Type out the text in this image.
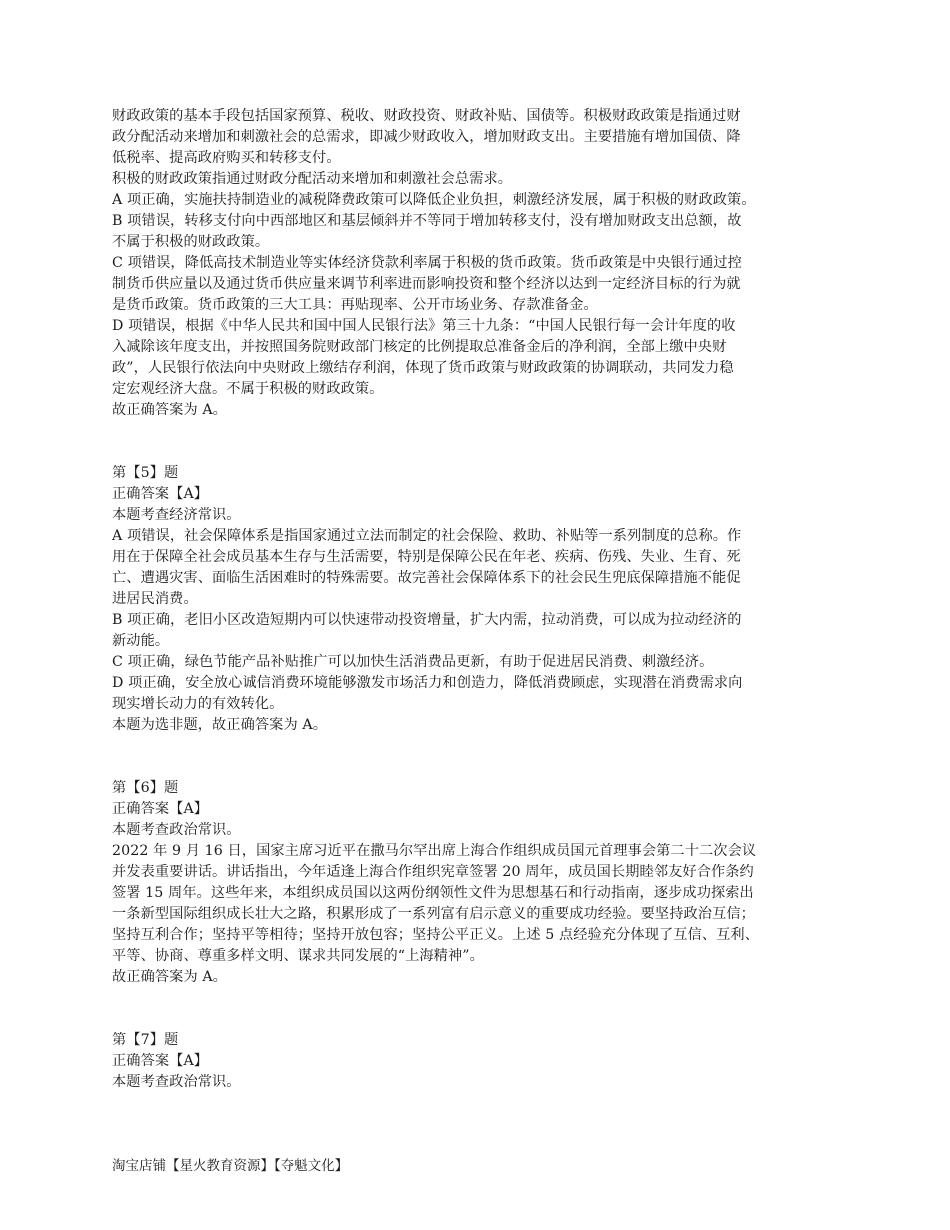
财政政策的基本手段包括国家预算、税收、财政投资、财政补贴、国债等。积极财政政策是指通过财

政分配活动来增加和刺激社会的总需求，即减少财政收入，增加财政支出。主要措施有增加国债、降

低税率、提高政府购买和转移支付。

积极的财政政策指通过财政分配活动来增加和刺激社会总需求。

A 项正确，实施扶持制造业的减税降费政策可以降低企业负担，刺激经济发展，属于积极的财政政策。

B 项错误，转移支付向中西部地区和基层倾斜并不等同于增加转移支付，没有增加财政支出总额，故

不属于积极的财政政策。

C 项错误，降低高技术制造业等实体经济贷款利率属于积极的货币政策。货币政策是中央银行通过控

制货币供应量以及通过货币供应量来调节利率进而影响投资和整个经济以达到一定经济目标的行为就

是货币政策。货币政策的三大工具：再贴现率、公开市场业务、存款准备金。

D 项错误，根据《中华人民共和国中国人民银行法》第三十九条：“中国人民银行每一会计年度的收

入减除该年度支出，并按照国务院财政部门核定的比例提取总准备金后的净利润，全部上缴中央财

政”，人民银行依法向中央财政上缴结存利润，体现了货币政策与财政政策的协调联动，共同发力稳

定宏观经济大盘。不属于积极的财政政策。

故正确答案为 A。

第【5】题

正确答案【A】

本题考查经济常识。

A 项错误，社会保障体系是指国家通过立法而制定的社会保险、救助、补贴等一系列制度的总称。作

用在于保障全社会成员基本生存与生活需要，特别是保障公民在年老、疾病、伤残、失业、生育、死

亡、遭遇灾害、面临生活困难时的特殊需要。故完善社会保障体系下的社会民生兜底保障措施不能促

进居民消费。

B 项正确，老旧小区改造短期内可以快速带动投资增量，扩大内需，拉动消费，可以成为拉动经济的

新动能。

C 项正确，绿色节能产品补贴推广可以加快生活消费品更新，有助于促进居民消费、刺激经济。

D 项正确，安全放心诚信消费环境能够激发市场活力和创造力，降低消费顾虑，实现潜在消费需求向

现实增长动力的有效转化。

本题为选非题，故正确答案为 A。

第【6】题

正确答案【A】

本题考查政治常识。

2022 年 9 月 16 日，国家主席习近平在撒马尔罕出席上海合作组织成员国元首理事会第二十二次会议

并发表重要讲话。讲话指出，今年适逢上海合作组织宪章签署 20 周年，成员国长期睦邻友好合作条约

签署 15 周年。这些年来，本组织成员国以这两份纲领性文件为思想基石和行动指南，逐步成功探索出

一条新型国际组织成长壮大之路，积累形成了一系列富有启示意义的重要成功经验。要坚持政治互信；

坚持互利合作；坚持平等相待；坚持开放包容；坚持公平正义。上述 5 点经验充分体现了互信、互利、

平等、协商、尊重多样文明、谋求共同发展的“上海精神”。

故正确答案为 A。

第【7】题

正确答案【A】

本题考查政治常识。

淘宝店铺【星火教育资源】【夺魁文化】
